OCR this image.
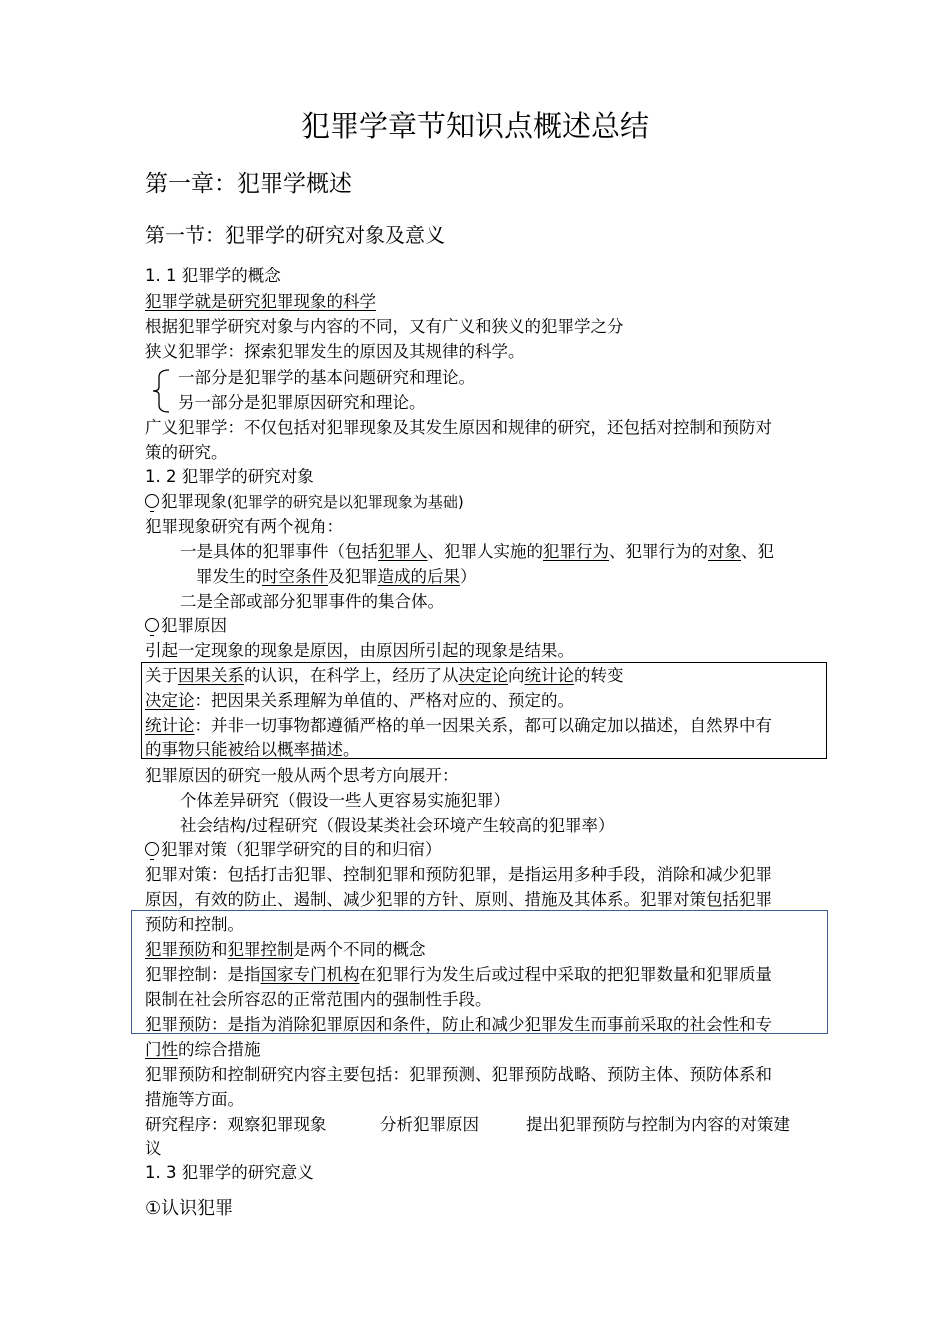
犯罪学章节知识点概述总结
第一章：犯罪学概述
第一节：犯罪学的研究对象及意义
1. 1 犯罪学的概念
犯罪学就是研究犯罪现象的科学
根据犯罪学研究对象与内容的不同，又有广义和狭义的犯罪学之分
狭义犯罪学：探索犯罪发生的原因及其规律的科学。
一部分是犯罪学的基本问题研究和理论。
另一部分是犯罪原因研究和理论。
广义犯罪学：不仅包括对犯罪现象及其发生原因和规律的研究，还包括对控制和预防对
策的研究。
1. 2 犯罪学的研究对象
犯罪现象(犯罪学的研究是以犯罪现象为基础)
犯罪现象研究有两个视角：
一是具体的犯罪事件（包括犯罪人、犯罪人实施的犯罪行为、犯罪行为的对象、犯
罪发生的时空条件及犯罪造成的后果）
二是全部或部分犯罪事件的集合体。
犯罪原因
引起一定现象的现象是原因，由原因所引起的现象是结果。
关于因果关系的认识，在科学上，经历了从决定论向统计论的转变
决定论：把因果关系理解为单值的、严格对应的、预定的。
统计论：并非一切事物都遵循严格的单一因果关系，都可以确定加以描述，自然界中有
的事物只能被给以概率描述。
犯罪原因的研究一般从两个思考方向展开：
个体差异研究（假设一些人更容易实施犯罪）
社会结构/过程研究（假设某类社会环境产生较高的犯罪率）
犯罪对策（犯罪学研究的目的和归宿）
犯罪对策：包括打击犯罪、控制犯罪和预防犯罪，是指运用多种手段，消除和减少犯罪
原因，有效的防止、遏制、减少犯罪的方针、原则、措施及其体系。犯罪对策包括犯罪
预防和控制。
犯罪预防和犯罪控制是两个不同的概念
犯罪控制：是指国家专门机构在犯罪行为发生后或过程中采取的把犯罪数量和犯罪质量
限制在社会所容忍的正常范围内的强制性手段。
犯罪预防：是指为消除犯罪原因和条件，防止和减少犯罪发生而事前采取的社会性和专
门性的综合措施
犯罪预防和控制研究内容主要包括：犯罪预测、犯罪预防战略、预防主体、预防体系和
措施等方面。
研究程序：观察犯罪现象	分析犯罪原因	提出犯罪预防与控制为内容的对策建
议
1. 3 犯罪学的研究意义
①认识犯罪
